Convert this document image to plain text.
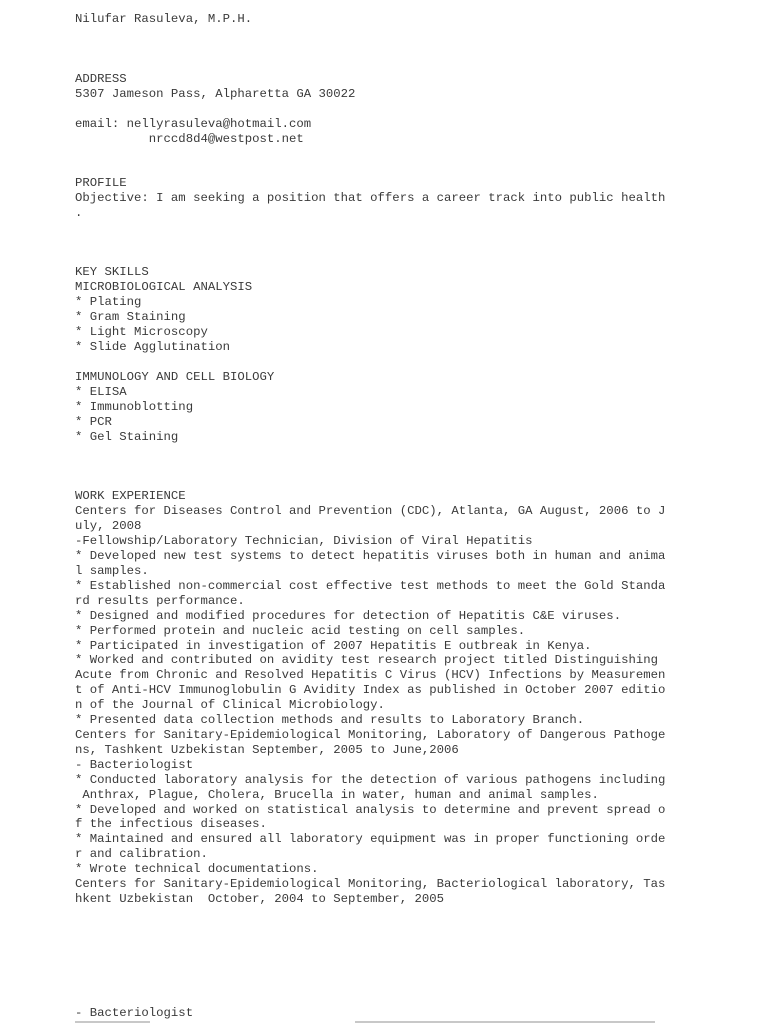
Nilufar Rasuleva, M.P.H.

ADDRESS

5307 Jameson Pass, Alpharetta GA 30022

email: nellyrasuleva@hotmail.com

nrccd8d4@westpost.net

PROFILE

Objective: I am seeking a position that offers a career track into public health

.

KEY SKILLS

MICROBIOLOGICAL ANALYSIS

* Plating

* Gram Staining

* Light Microscopy

* Slide Agglutination

IMMUNOLOGY AND CELL BIOLOGY

* ELISA

* Immunoblotting

* PCR

* Gel Staining

WORK EXPERIENCE

Centers for Diseases Control and Prevention (CDC), Atlanta, GA August, 2006 to J

uly, 2008

-Fellowship/Laboratory Technician, Division of Viral Hepatitis

* Developed new test systems to detect hepatitis viruses both in human and anima

l samples.

* Established non-commercial cost effective test methods to meet the Gold Standa

rd results performance.

* Designed and modified procedures for detection of Hepatitis C&E viruses.

* Performed protein and nucleic acid testing on cell samples.

* Participated in investigation of 2007 Hepatitis E outbreak in Kenya.

* Worked and contributed on avidity test research project titled Distinguishing

Acute from Chronic and Resolved Hepatitis C Virus (HCV) Infections by Measuremen

t of Anti-HCV Immunoglobulin G Avidity Index as published in October 2007 editio

n of the Journal of Clinical Microbiology.

* Presented data collection methods and results to Laboratory Branch.

Centers for Sanitary-Epidemiological Monitoring, Laboratory of Dangerous Pathoge

ns, Tashkent Uzbekistan September, 2005 to June,2006

- Bacteriologist

* Conducted laboratory analysis for the detection of various pathogens including

Anthrax, Plague, Cholera, Brucella in water, human and animal samples.

* Developed and worked on statistical analysis to determine and prevent spread o

f the infectious diseases.

* Maintained and ensured all laboratory equipment was in proper functioning orde

r and calibration.

* Wrote technical documentations.

Centers for Sanitary-Epidemiological Monitoring, Bacteriological laboratory, Tas

hkent Uzbekistan  October, 2004 to September, 2005

- Bacteriologist
